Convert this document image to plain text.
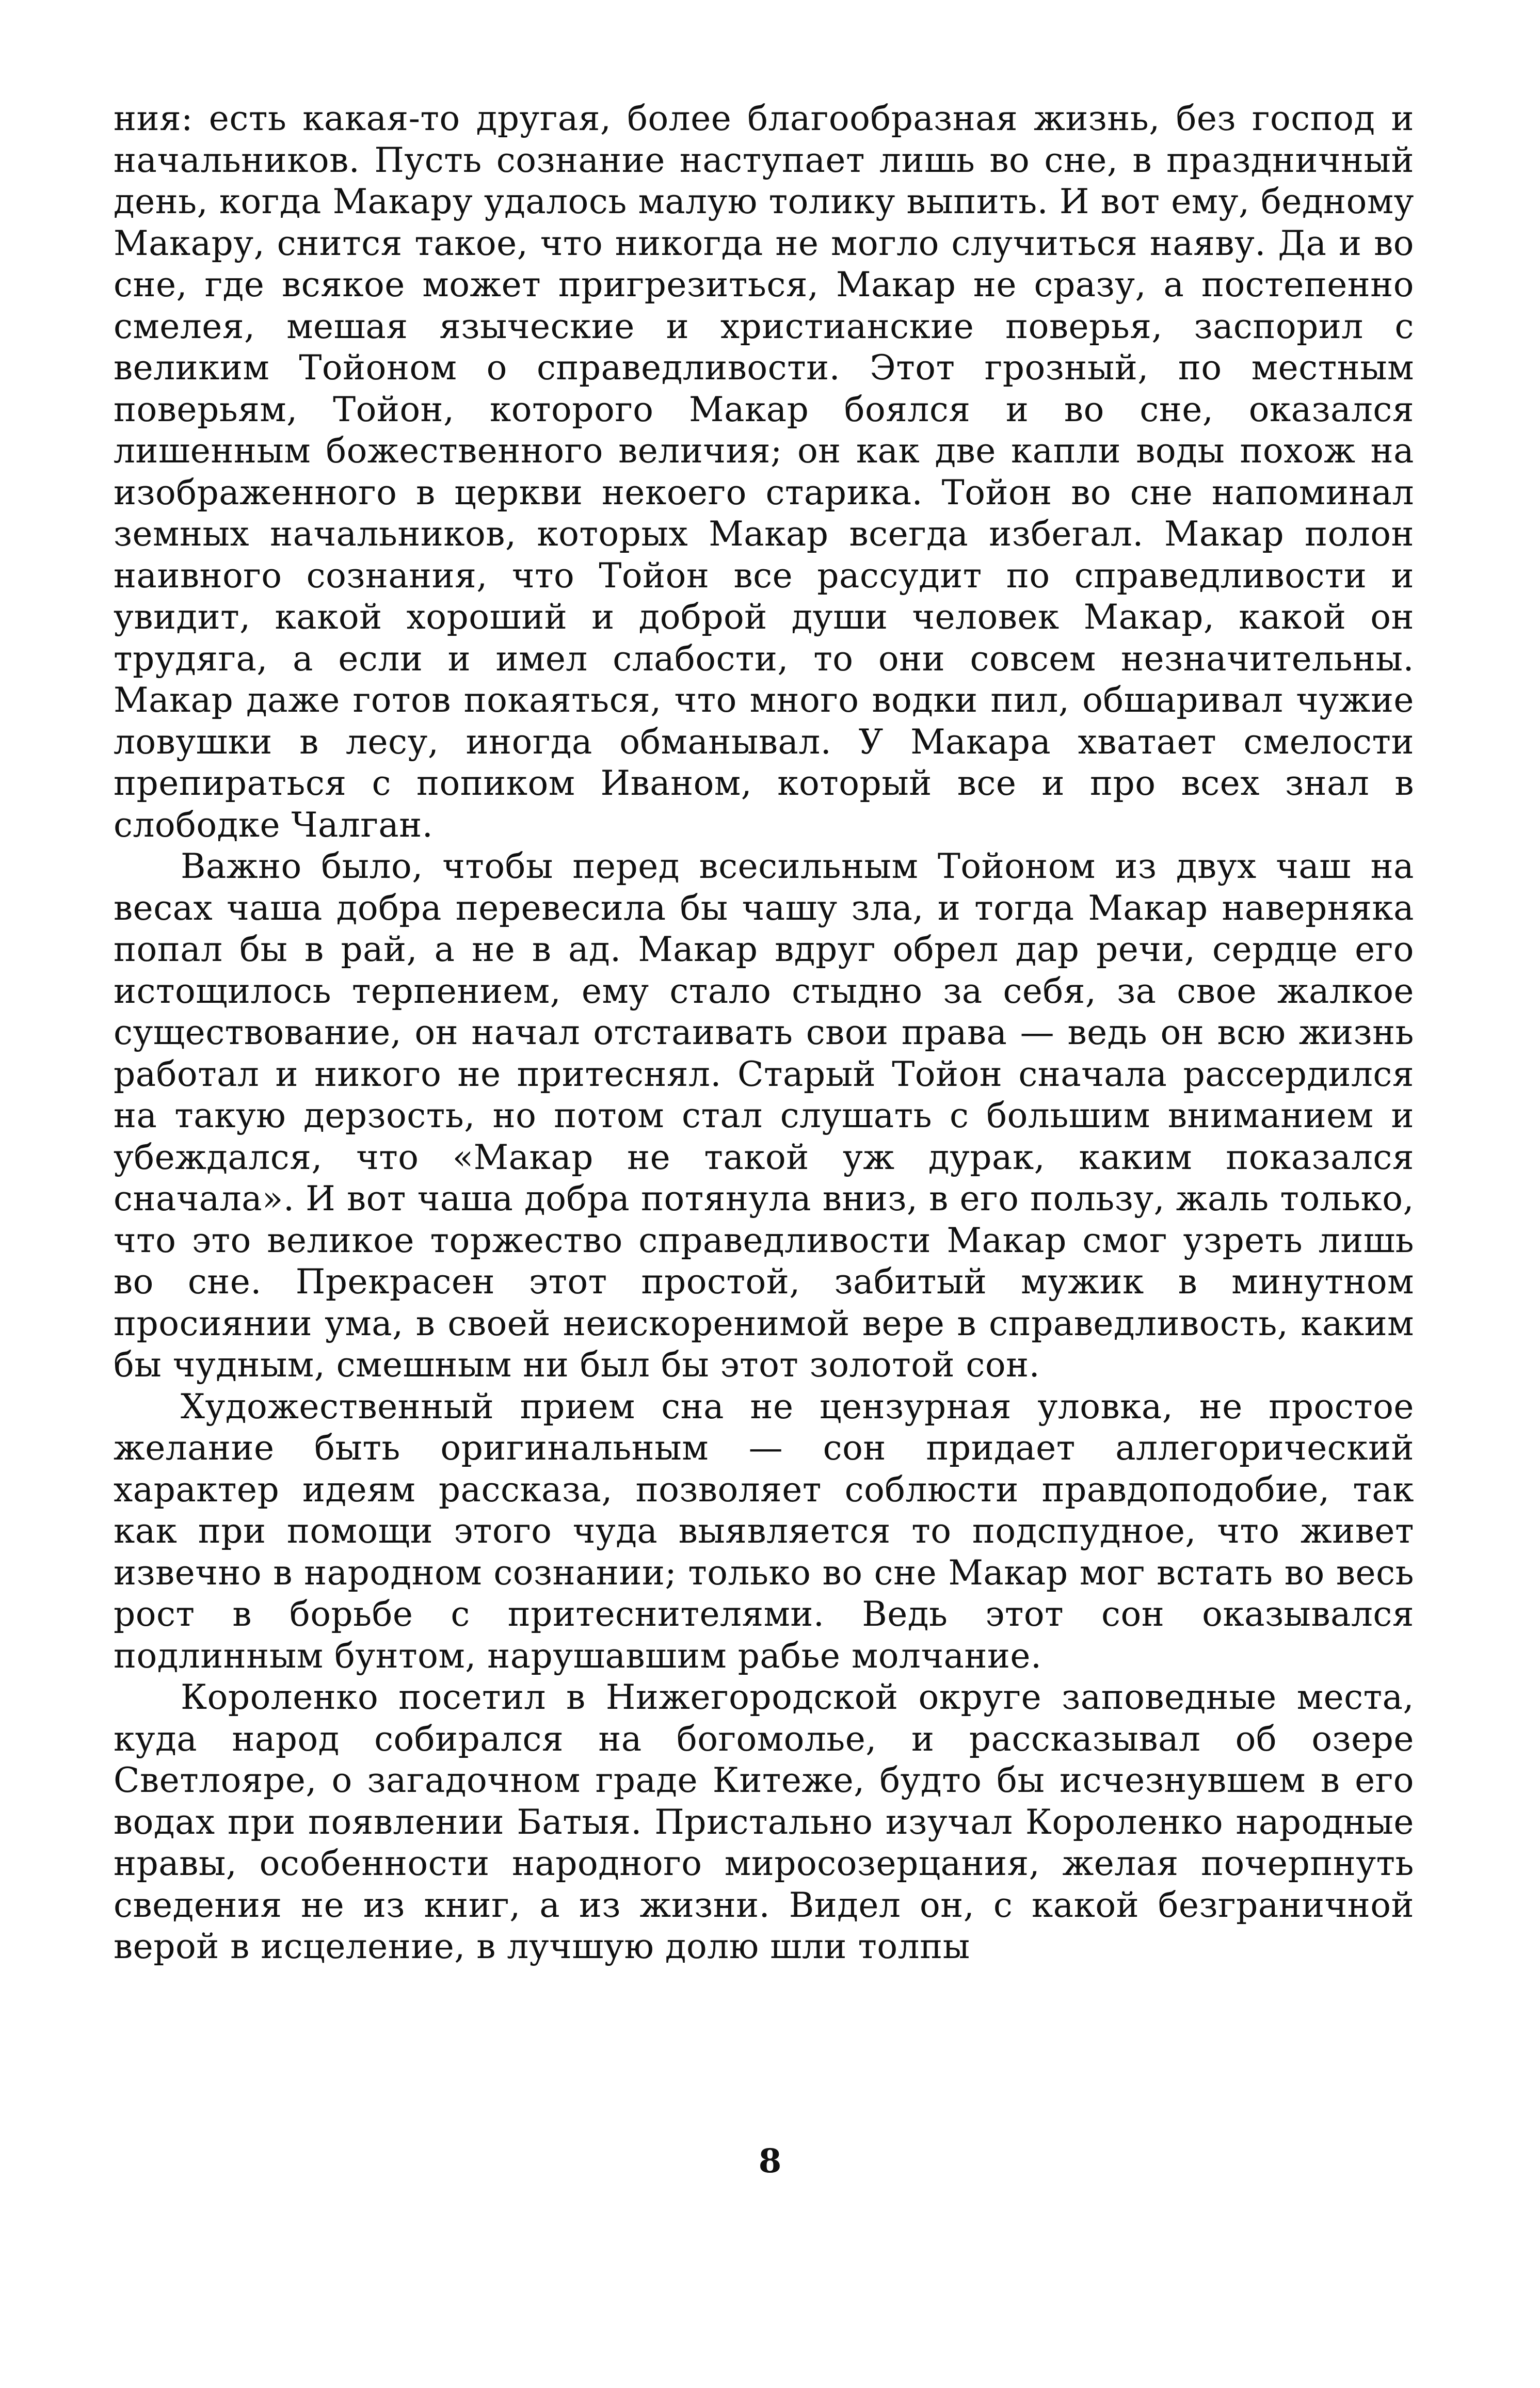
ния: есть какая-то другая, более благообразная жизнь, без господ и начальников. Пусть сознание наступает лишь во сне, в праздничный день, когда Макару удалось малую толику выпить. И вот ему, бедному Макару, снится такое, что никогда не могло случиться наяву. Да и во сне, где всякое может пригрезиться, Макар не сразу, а постепенно смелея, мешая языческие и христианские поверья, заспорил с великим Тойоном о справедливости. Этот грозный, по местным поверьям, Тойон, которого Макар боялся и во сне, оказался лишенным божественного величия; он как две капли воды похож на изображенного в церкви некоего старика. Тойон во сне напоминал земных начальников, которых Макар всегда избегал. Макар полон наивного сознания, что Тойон все рассудит по справедливости и увидит, какой хороший и доброй души человек Макар, какой он трудяга, а если и имел слабости, то они совсем незначительны. Макар даже готов покаяться, что много водки пил, обшаривал чужие ловушки в лесу, иногда обманывал. У Макара хватает смелости препираться с попиком Иваном, который все и про всех знал в слободке Чалган.

Важно было, чтобы перед всесильным Тойоном из двух чаш на весах чаша добра перевесила бы чашу зла, и тогда Макар наверняка попал бы в рай, а не в ад. Макар вдруг обрел дар речи, сердце его истощилось терпением, ему стало стыдно за себя, за свое жалкое существование, он начал отстаивать свои права — ведь он всю жизнь работал и никого не притеснял. Старый Тойон сначала рассердился на такую дерзость, но потом стал слушать с большим вниманием и убеждался, что «Макар не такой уж дурак, каким показался сначала». И вот чаша добра потянула вниз, в его пользу, жаль только, что это великое торжество справедливости Макар смог узреть лишь во сне. Прекрасен этот простой, забитый мужик в минутном просиянии ума, в своей неискоренимой вере в справедливость, каким бы чудным, смешным ни был бы этот золотой сон.

Художественный прием сна не цензурная уловка, не простое желание быть оригинальным — сон придает аллегорический характер идеям рассказа, позволяет соблюсти правдоподобие, так как при помощи этого чуда выявляется то подспудное, что живет извечно в народном сознании; только во сне Макар мог встать во весь рост в борьбе с притеснителями. Ведь этот сон оказывался подлинным бунтом, нарушавшим рабье молчание.

Короленко посетил в Нижегородской округе заповедные места, куда народ собирался на богомолье, и рассказывал об озере Светлояре, о загадочном граде Китеже, будто бы исчезнувшем в его водах при появлении Батыя. Пристально изучал Короленко народные нравы, особенности народного миросозерцания, желая почерпнуть сведения не из книг, а из жизни. Видел он, с какой безграничной верой в исцеление, в лучшую долю шли толпы

8
